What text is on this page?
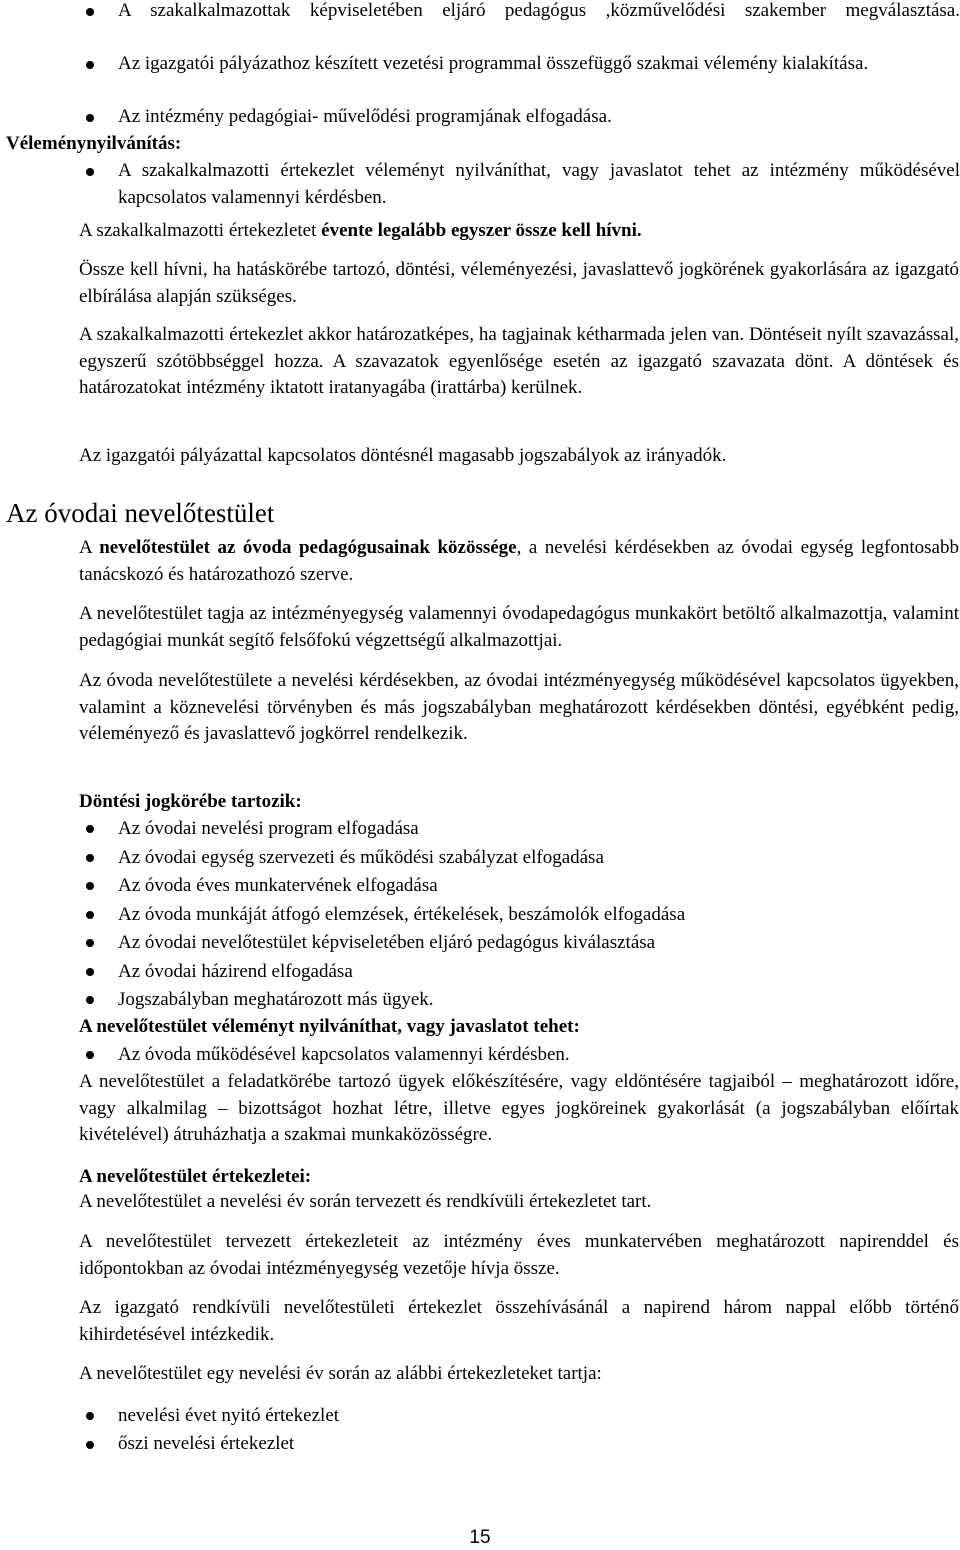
A szakalkalmazottak képviseletében eljáró pedagógus ,közművelődési szakember megválasztása.

Az igazgatói pályázathoz készített vezetési programmal összefüggő szakmai vélemény kialakítása.

Az intézmény pedagógiai- művelődési programjának elfogadása.

Véleménynyilvánítás:

A szakalkalmazotti értekezlet véleményt nyilváníthat, vagy javaslatot tehet az intézmény működésével kapcsolatos valamennyi kérdésben.

A szakalkalmazotti értekezletet évente legalább egyszer össze kell hívni.

Össze kell hívni, ha hatáskörébe tartozó, döntési, véleményezési, javaslattevő jogkörének gyakorlására az igazgató elbírálása alapján szükséges.

A szakalkalmazotti értekezlet akkor határozatképes, ha tagjainak kétharmada jelen van. Döntéseit nyílt szavazással, egyszerű szótöbbséggel hozza. A szavazatok egyenlősége esetén az igazgató szavazata dönt. A döntések és határozatokat intézmény iktatott iratanyagába (irattárba) kerülnek.

Az igazgatói pályázattal kapcsolatos döntésnél magasabb jogszabályok az irányadók.

Az óvodai nevelőtestület

A nevelőtestület az óvoda pedagógusainak közössége, a nevelési kérdésekben az óvodai egység legfontosabb tanácskozó és határozathozó szerve.

A nevelőtestület tagja az intézményegység valamennyi óvodapedagógus munkakört betöltő alkalmazottja, valamint pedagógiai munkát segítő felsőfokú végzettségű alkalmazottjai.

Az óvoda nevelőtestülete a nevelési kérdésekben, az óvodai intézményegység működésével kapcsolatos ügyekben, valamint a köznevelési törvényben és más jogszabályban meghatározott kérdésekben döntési, egyébként pedig, véleményező és javaslattevő jogkörrel rendelkezik.

Döntési jogkörébe tartozik:

Az óvodai nevelési program elfogadása

Az óvodai egység szervezeti és működési szabályzat elfogadása

Az óvoda éves munkatervének elfogadása

Az óvoda munkáját átfogó elemzések, értékelések, beszámolók elfogadása

Az óvodai nevelőtestület képviseletében eljáró pedagógus kiválasztása

Az óvodai házirend elfogadása

Jogszabályban meghatározott más ügyek.

A nevelőtestület véleményt nyilváníthat, vagy javaslatot tehet:

Az óvoda működésével kapcsolatos valamennyi kérdésben.

A nevelőtestület a feladatkörébe tartozó ügyek előkészítésére, vagy eldöntésére tagjaiból – meghatározott időre, vagy alkalmilag – bizottságot hozhat létre, illetve egyes jogköreinek gyakorlását (a jogszabályban előírtak kivételével) átruházhatja a szakmai munkaközösségre.

A nevelőtestület értekezletei:

A nevelőtestület a nevelési év során tervezett és rendkívüli értekezletet tart.

A nevelőtestület tervezett értekezleteit az intézmény éves munkatervében meghatározott napirenddel és időpontokban az óvodai intézményegység vezetője hívja össze.

Az igazgató rendkívüli nevelőtestületi értekezlet összehívásánál a napirend három nappal előbb történő kihirdetésével intézkedik.

A nevelőtestület egy nevelési év során az alábbi értekezleteket tartja:

nevelési évet nyitó értekezlet

őszi nevelési értekezlet

15
